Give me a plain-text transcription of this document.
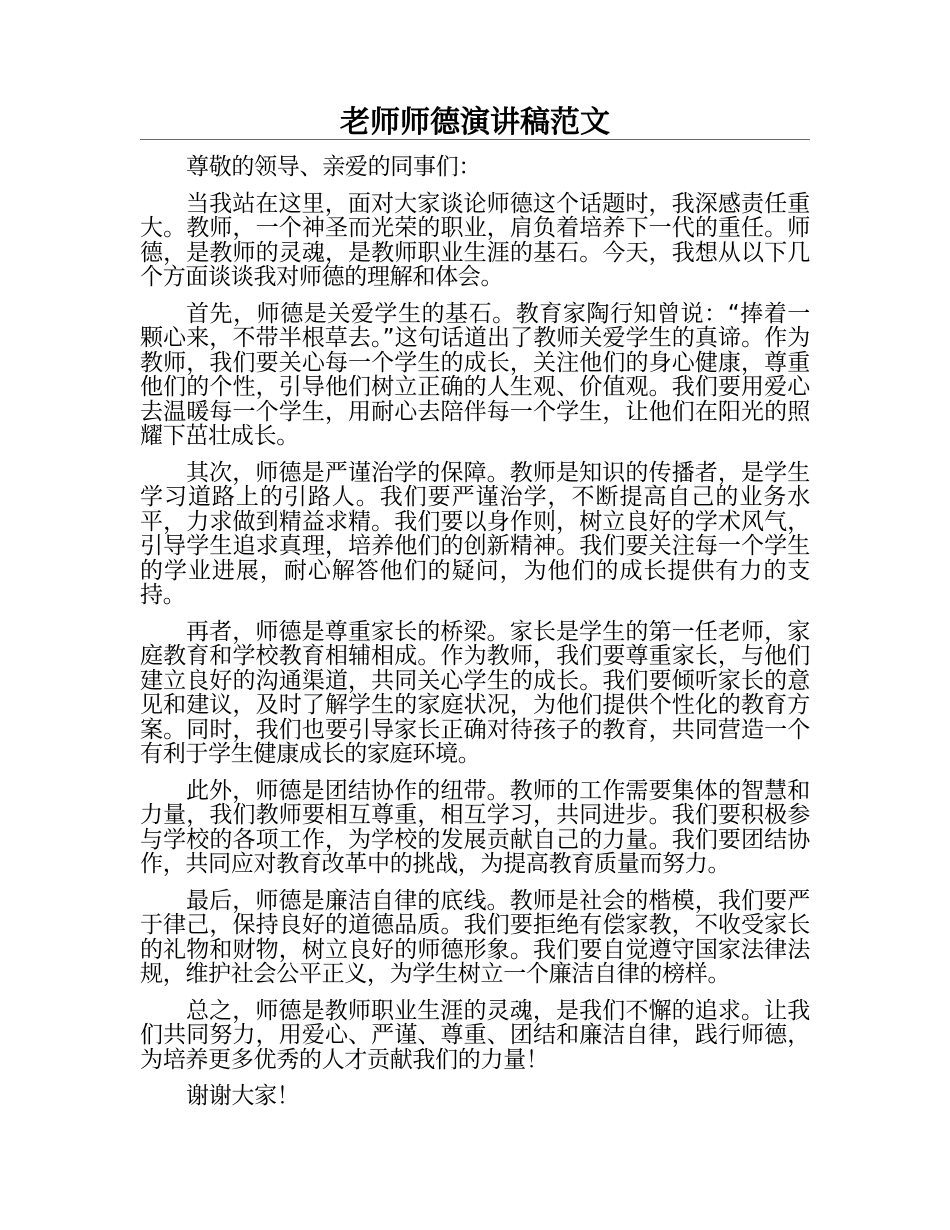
老师师德演讲稿范文

尊敬的领导、亲爱的同事们：

当我站在这里，面对大家谈论师德这个话题时，我深感责任重大。教师，一个神圣而光荣的职业，肩负着培养下一代的重任。师德，是教师的灵魂，是教师职业生涯的基石。今天，我想从以下几个方面谈谈我对师德的理解和体会。

首先，师德是关爱学生的基石。教育家陶行知曾说：“捧着一颗心来，不带半根草去。”这句话道出了教师关爱学生的真谛。作为教师，我们要关心每一个学生的成长，关注他们的身心健康，尊重他们的个性，引导他们树立正确的人生观、价值观。我们要用爱心去温暖每一个学生，用耐心去陪伴每一个学生，让他们在阳光的照耀下茁壮成长。

其次，师德是严谨治学的保障。教师是知识的传播者，是学生学习道路上的引路人。我们要严谨治学，不断提高自己的业务水平，力求做到精益求精。我们要以身作则，树立良好的学术风气，引导学生追求真理，培养他们的创新精神。我们要关注每一个学生的学业进展，耐心解答他们的疑问，为他们的成长提供有力的支持。

再者，师德是尊重家长的桥梁。家长是学生的第一任老师，家庭教育和学校教育相辅相成。作为教师，我们要尊重家长，与他们建立良好的沟通渠道，共同关心学生的成长。我们要倾听家长的意见和建议，及时了解学生的家庭状况，为他们提供个性化的教育方案。同时，我们也要引导家长正确对待孩子的教育，共同营造一个有利于学生健康成长的家庭环境。

此外，师德是团结协作的纽带。教师的工作需要集体的智慧和力量，我们教师要相互尊重，相互学习，共同进步。我们要积极参与学校的各项工作，为学校的发展贡献自己的力量。我们要团结协作，共同应对教育改革中的挑战，为提高教育质量而努力。

最后，师德是廉洁自律的底线。教师是社会的楷模，我们要严于律己，保持良好的道德品质。我们要拒绝有偿家教，不收受家长的礼物和财物，树立良好的师德形象。我们要自觉遵守国家法律法规，维护社会公平正义，为学生树立一个廉洁自律的榜样。

总之，师德是教师职业生涯的灵魂，是我们不懈的追求。让我们共同努力，用爱心、严谨、尊重、团结和廉洁自律，践行师德，为培养更多优秀的人才贡献我们的力量！

谢谢大家！
